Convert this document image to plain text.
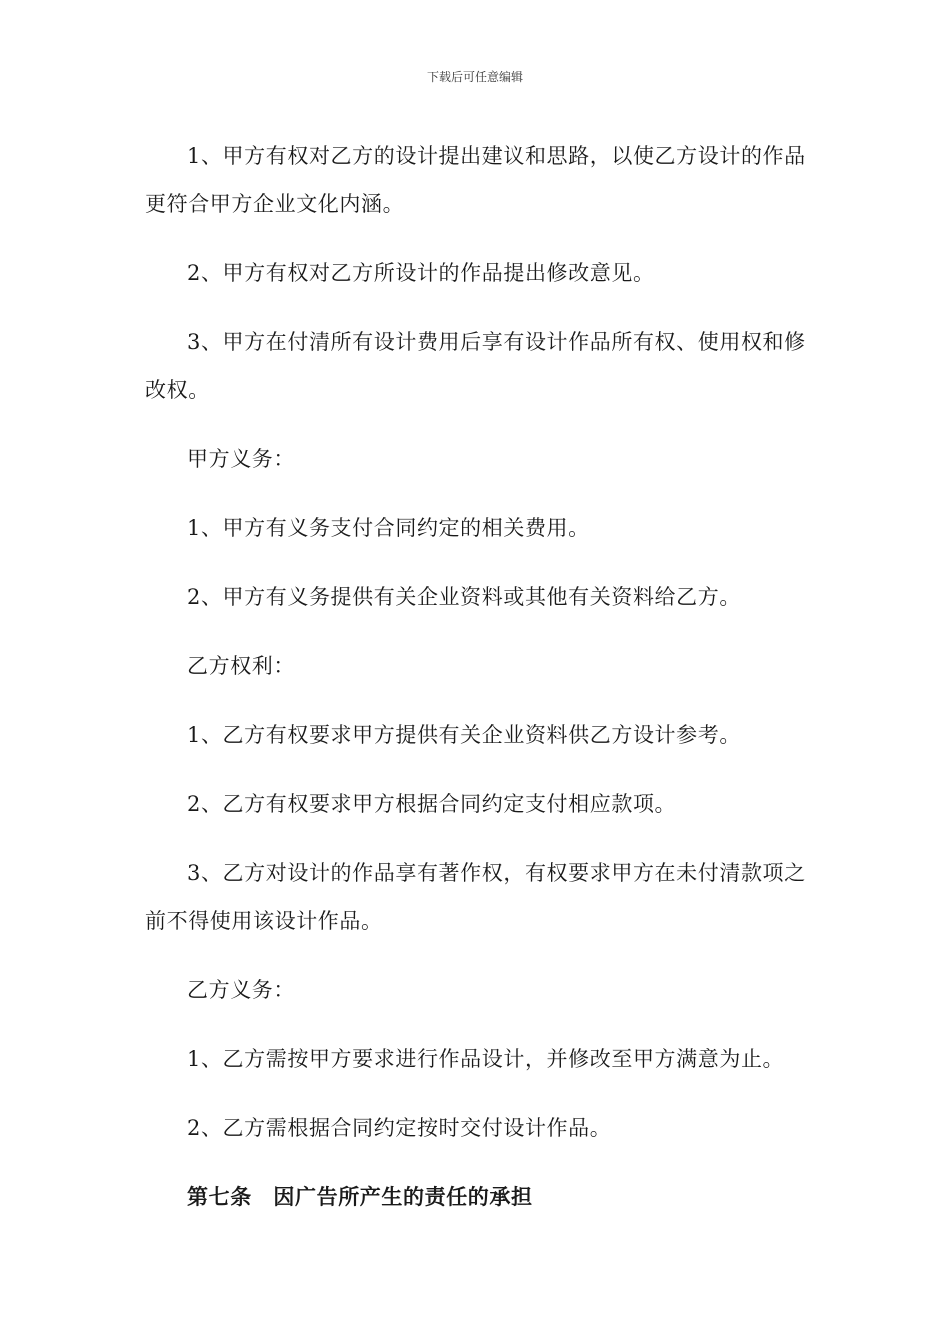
下载后可任意编辑

1、甲方有权对乙方的设计提出建议和思路，以使乙方设计的作品更符合甲方企业文化内涵。

2、甲方有权对乙方所设计的作品提出修改意见。

3、甲方在付清所有设计费用后享有设计作品所有权、使用权和修改权。

甲方义务：

1、甲方有义务支付合同约定的相关费用。

2、甲方有义务提供有关企业资料或其他有关资料给乙方。

乙方权利：

1、乙方有权要求甲方提供有关企业资料供乙方设计参考。

2、乙方有权要求甲方根据合同约定支付相应款项。

3、乙方对设计的作品享有著作权，有权要求甲方在未付清款项之前不得使用该设计作品。

乙方义务：

1、乙方需按甲方要求进行作品设计，并修改至甲方满意为止。

2、乙方需根据合同约定按时交付设计作品。

第七条　因广告所产生的责任的承担
